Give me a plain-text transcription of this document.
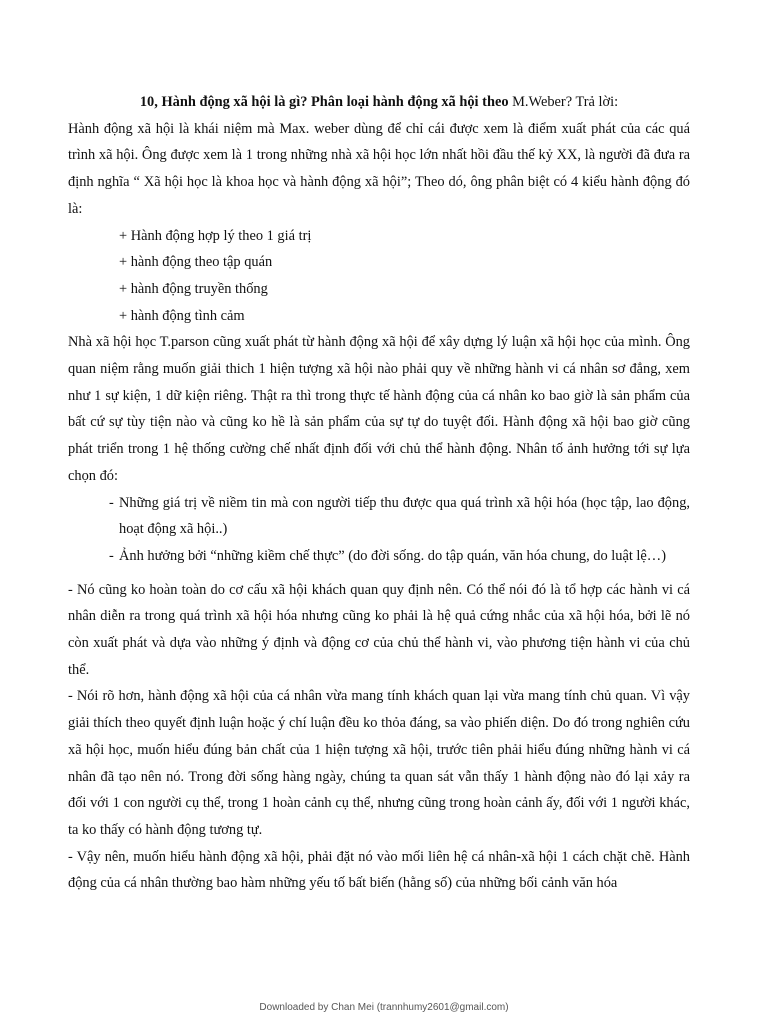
10, Hành động xã hội là gì? Phân loại hành động xã hội theo M.Weber? Trả lời:

Hành động xã hội là khái niệm mà Max. weber dùng để chỉ cái được xem là điểm xuất phát của các quá trình xã hội. Ông được xem là 1 trong những nhà xã hội học lớn nhất hồi đầu thế kỷ XX, là người đã đưa ra định nghĩa “ Xã hội học là khoa học và hành động xã hội”; Theo dó, ông phân biệt có 4 kiểu hành động đó là:

+ Hành động hợp lý theo 1 giá trị

+ hành động theo tập quán

+ hành động truyền thống

+ hành động tình cảm

Nhà xã hội học T.parson cũng xuất phát từ hành động xã hội để xây dựng lý luận xã hội học của mình. Ông quan niệm rằng muốn giải thich 1 hiện tượng xã hội nào phải quy về những hành vi cá nhân sơ đẳng, xem như 1 sự kiện, 1 dữ kiện riêng. Thật ra thì trong thực tế hành động của cá nhân ko bao giờ là sản phẩm của bất cứ sự tùy tiện nào và cũng ko hề là sản phẩm của sự tự do tuyệt đối. Hành động xã hội bao giờ cũng phát triển trong 1 hệ thống cường chế nhất định đối với chủ thể hành động. Nhân tố ảnh hưởng tới sự lựa chọn đó:

- Những giá trị về niềm tin mà con người tiếp thu được qua quá trình xã hội hóa (học tập, lao động, hoạt động xã hội..)

- Ảnh hưởng bởi “những kiềm chế thực” (do đời sống. do tập quán, văn hóa chung, do luật lệ…)

- Nó cũng ko hoàn toàn do cơ cấu xã hội khách quan quy định nên. Có thể nói đó là tổ hợp các hành vi cá nhân diễn ra trong quá trình xã hội hóa nhưng cũng ko phải là hệ quả cứng nhắc của xã hội hóa, bởi lẽ nó còn xuất phát và dựa vào những ý định và động cơ của chủ thể hành vi, vào phương tiện hành vi của chủ thể.

- Nói rõ hơn, hành động xã hội của cá nhân vừa mang tính khách quan lại vừa mang tính chủ quan. Vì vậy giải thích theo quyết định luận hoặc ý chí luận đều ko thỏa đáng, sa vào phiến diện. Do đó trong nghiên cứu xã hội học, muốn hiểu đúng bản chất của 1 hiện tượng xã hội, trước tiên phải hiểu đúng những hành vi cá nhân đã tạo nên nó. Trong đời sống hàng ngày, chúng ta quan sát vẫn thấy 1 hành động nào đó lại xảy ra đối với 1 con người cụ thể, trong 1 hoàn cảnh cụ thể, nhưng cũng trong hoàn cảnh ấy, đối với 1 người khác, ta ko thấy có hành động tương tự.

- Vậy nên, muốn hiểu hành động xã hội, phải đặt nó vào mối liên hệ cá nhân-xã hội 1 cách chặt chẽ. Hành động của cá nhân thường bao hàm những yếu tố bất biến (hằng số) của những bối cảnh văn hóa

Downloaded by Chan Mei (trannhumy2601@gmail.com)
